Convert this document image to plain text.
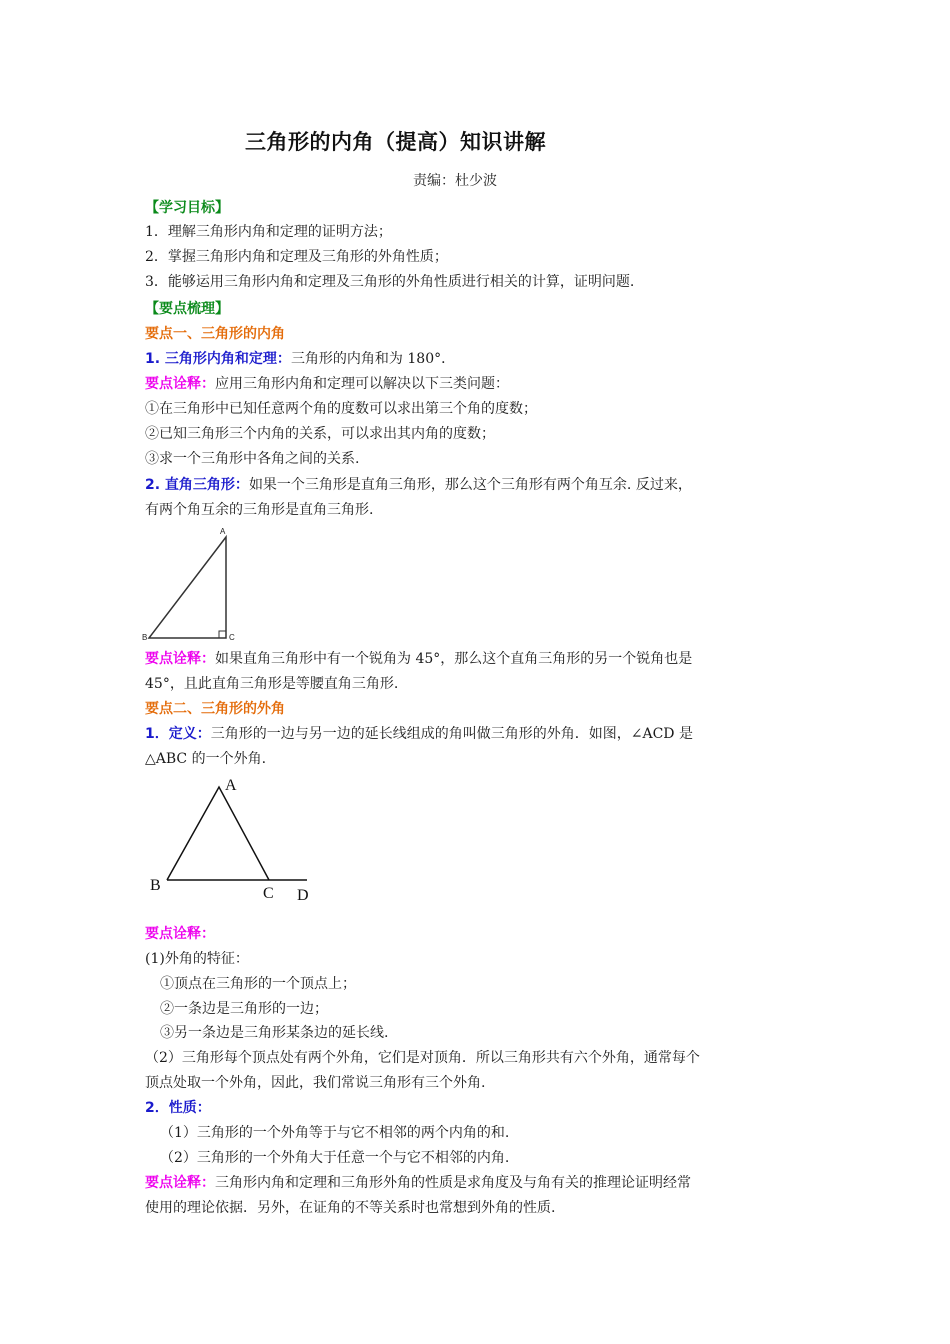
三角形的内角（提高）知识讲解
责编：杜少波
【学习目标】
1．理解三角形内角和定理的证明方法；
2．掌握三角形内角和定理及三角形的外角性质；
3．能够运用三角形内角和定理及三角形的外角性质进行相关的计算，证明问题.
【要点梳理】
要点一、三角形的内角
1. 三角形内角和定理：三角形的内角和为 180°．
要点诠释：应用三角形内角和定理可以解决以下三类问题：
①在三角形中已知任意两个角的度数可以求出第三个角的度数；
②已知三角形三个内角的关系，可以求出其内角的度数；
③求一个三角形中各角之间的关系.
2. 直角三角形：如果一个三角形是直角三角形，那么这个三角形有两个角互余. 反过来，
有两个角互余的三角形是直角三角形.
A
B	C
要点诠释：如果直角三角形中有一个锐角为 45°，那么这个直角三角形的另一个锐角也是
45°，且此直角三角形是等腰直角三角形.
要点二、三角形的外角
1．定义：三角形的一边与另一边的延长线组成的角叫做三角形的外角．如图，∠ACD 是
△ABC 的一个外角.
A
B	C D
要点诠释：
(1)外角的特征：
①顶点在三角形的一个顶点上；
②一条边是三角形的一边；
③另一条边是三角形某条边的延长线.
（2）三角形每个顶点处有两个外角，它们是对顶角．所以三角形共有六个外角，通常每个
顶点处取一个外角，因此，我们常说三角形有三个外角.
2．性质：
（1）三角形的一个外角等于与它不相邻的两个内角的和.
（2）三角形的一个外角大于任意一个与它不相邻的内角.
要点诠释：三角形内角和定理和三角形外角的性质是求角度及与角有关的推理论证明经常
使用的理论依据．另外，在证角的不等关系时也常想到外角的性质.
